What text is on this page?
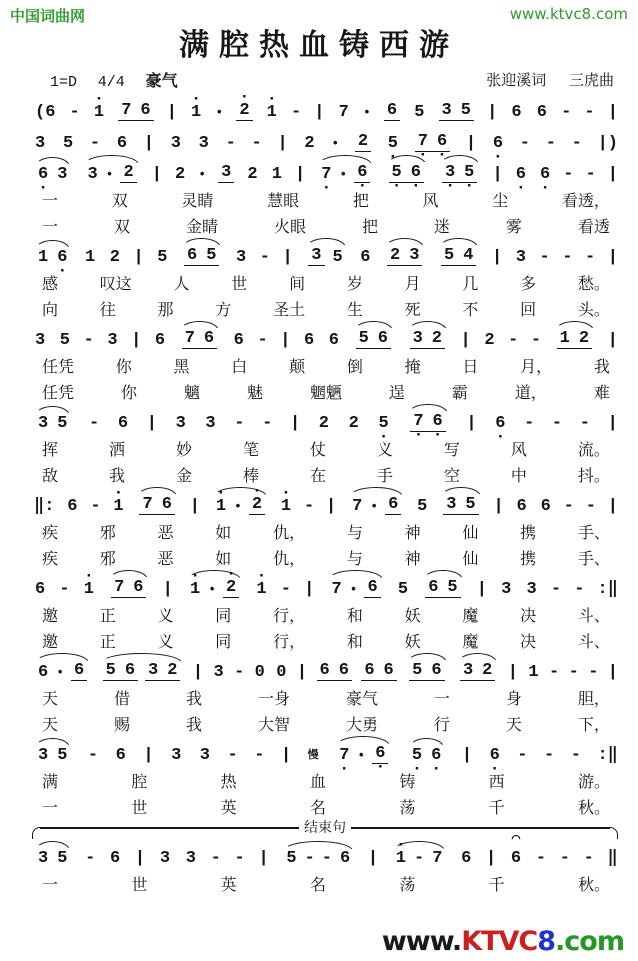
中国词曲网	www.ktvc8.com
满腔热血铸西游
1=D 4/4 豪气	张迎溪词 三虎曲
(6 - · 1 7 6 | · 1 • · 2 · 1 - | 7 • 6 5 3 5 | 6 6 - - |
3 5 - 6 | 3 3 - - | 2 • 2 5 · 7 · 6 · | 6 · - - - |)
6 · 3 3 • 2 | 2 • 3 2 1 | 7 · • 6 · 5 · 6 · 3 · 5 · | 6 · 6 · - - |
一	双	灵睛	慧眼	把	风	尘	看透，
一	双	金睛	火眼	把	迷	雾	看透
1 6 · 1 2 | 5 6 5 3 - | 3 5 6 2 3 5 4 | 3 - - - |
感	叹这	人	世	间	岁	月	几	多	愁。
向	往	那	方	圣土	生	死	不	回	头。
3 5 - 3 | 6 7 6 6 - | 6 6 5 6 3 2 | 2 - - 1 2 |
任凭	你	黑	白	颠	倒	掩	日	月，	我
任凭	你	魑	魅	魍魉	逞	霸	道，	难
3 5 - 6 | 3 3 - - | 2 2 5 · 7 · 6 · | 6 · - - - |
挥	洒	妙	笔	仗	义	写	风	流。
敌	我	金	棒	在	手	空	中	抖。
‖: 6 - · 1 7 6 | · 1 • · 2 · 1 - | 7 • 6 5 3 5 | 6 6 - - |
疾	邪	恶	如	仇，	与	神	仙	携	手、
疾	邪	恶	如	仇，	与	神	仙	携	手、
6 - · 1 7 6 | · 1 • · 2 · 1 - | 7 • 6 5 6 5 | 3 3 - - :‖
邀	正	义	同	行，	和	妖	魔	决	斗、
邀	正	义	同	行，	和	妖	魔	决	斗、
6 • 6 5 6 3 2 | 3 - 0 0 | 6 6 6 6 5 6 3 2 | 1 - - - |
天	借	我	一身	豪气	一	身	胆，
天	赐	我	大智	大勇	行	天	下，
3 5 - 6 | 3 3 - - | 慢 7 · • 6 · 5 · 6 · | 6 · - - - :‖
满	腔	热	血	铸	西	游。
一	世	英	名	荡	千	秋。
结束句
3 5 - 6 | 3 3 - - | 5 - - 6 | · 1 - 7 6 | ◠ 6 - - - ‖
一	世	英	名	荡	千	秋。
www.KTVC8.com
